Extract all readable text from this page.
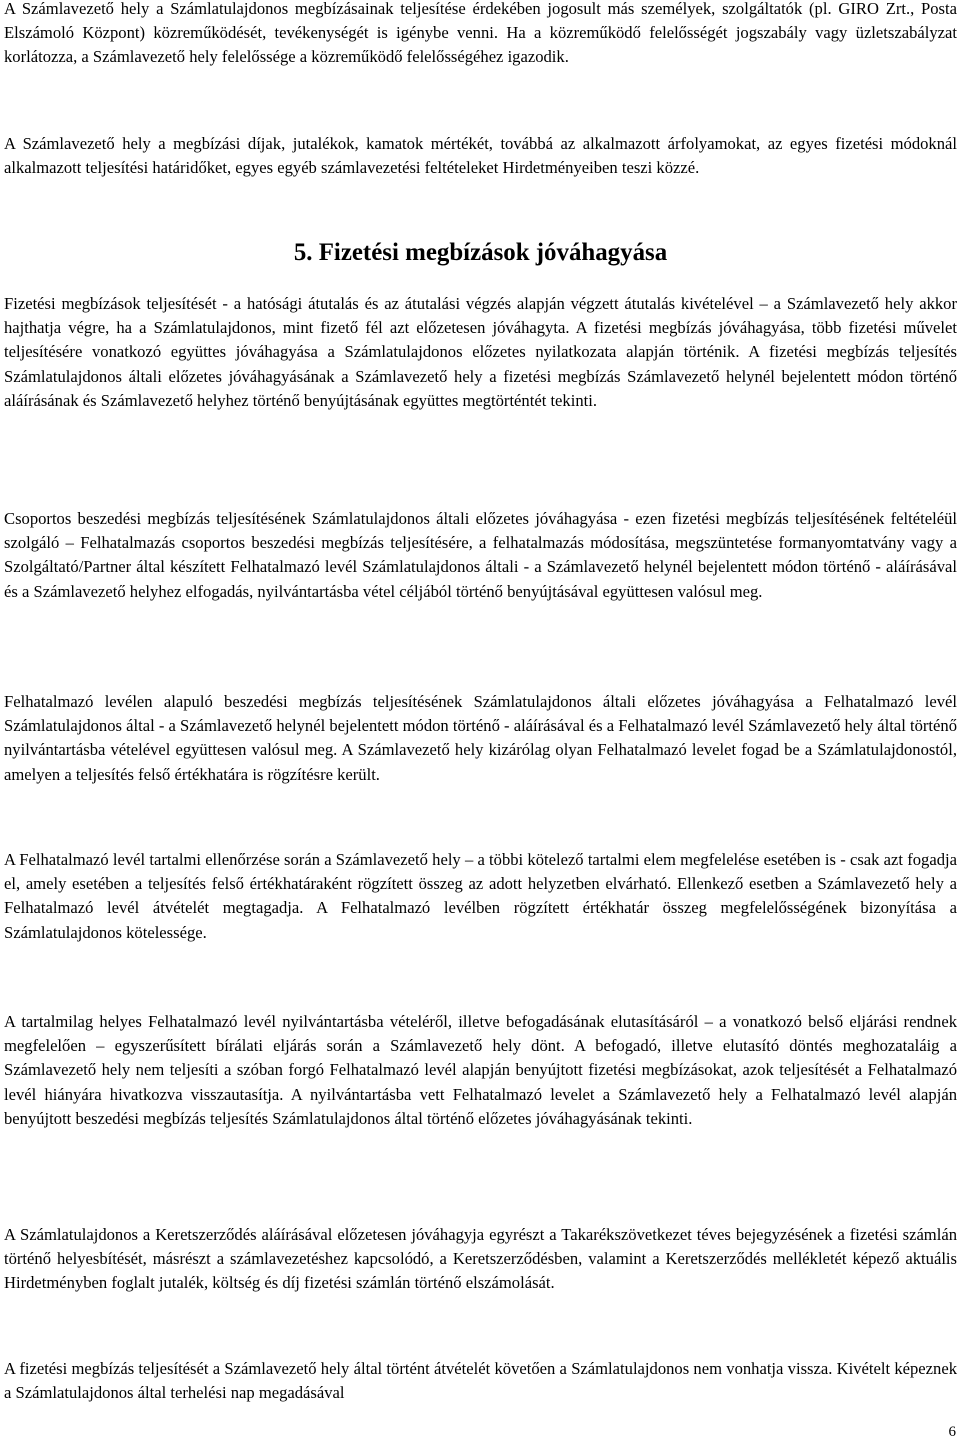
A Számlavezető hely a Számlatulajdonos megbízásainak teljesítése érdekében jogosult más személyek, szolgáltatók (pl. GIRO Zrt., Posta Elszámoló Központ) közreműködését, tevékenységét is igénybe venni. Ha a közreműködő felelősségét jogszabály vagy üzletszabályzat korlátozza, a Számlavezető hely felelőssége a közreműködő felelősségéhez igazodik.

A Számlavezető hely a megbízási díjak, jutalékok, kamatok mértékét, továbbá az alkalmazott árfolyamokat, az egyes fizetési módoknál alkalmazott teljesítési határidőket, egyes egyéb számlavezetési feltételeket Hirdetményeiben teszi közzé.

5. Fizetési megbízások jóváhagyása

Fizetési megbízások teljesítését - a hatósági átutalás és az átutalási végzés alapján végzett átutalás kivételével – a Számlavezető hely akkor hajthatja végre, ha a Számlatulajdonos, mint fizető fél azt előzetesen jóváhagyta. A fizetési megbízás jóváhagyása, több fizetési művelet teljesítésére vonatkozó együttes jóváhagyása a Számlatulajdonos előzetes nyilatkozata alapján történik. A fizetési megbízás teljesítés Számlatulajdonos általi előzetes jóváhagyásának a Számlavezető hely a fizetési megbízás Számlavezető helynél bejelentett módon történő aláírásának és Számlavezető helyhez történő benyújtásának együttes megtörténtét tekinti.

Csoportos beszedési megbízás teljesítésének Számlatulajdonos általi előzetes jóváhagyása - ezen fizetési megbízás teljesítésének feltételéül szolgáló – Felhatalmazás csoportos beszedési megbízás teljesítésére, a felhatalmazás módosítása, megszüntetése formanyomtatvány vagy a Szolgáltató/Partner által készített Felhatalmazó levél Számlatulajdonos általi - a Számlavezető helynél bejelentett módon történő - aláírásával és a Számlavezető helyhez elfogadás, nyilvántartásba vétel céljából történő benyújtásával együttesen valósul meg.

Felhatalmazó levélen alapuló beszedési megbízás teljesítésének Számlatulajdonos általi előzetes jóváhagyása a Felhatalmazó levél Számlatulajdonos által - a Számlavezető helynél bejelentett módon történő - aláírásával és a Felhatalmazó levél Számlavezető hely által történő nyilvántartásba vételével együttesen valósul meg. A Számlavezető hely kizárólag olyan Felhatalmazó levelet fogad be a Számlatulajdonostól, amelyen a teljesítés felső értékhatára is rögzítésre került.

A Felhatalmazó levél tartalmi ellenőrzése során a Számlavezető hely – a többi kötelező tartalmi elem megfelelése esetében is - csak azt fogadja el, amely esetében a teljesítés felső értékhatáraként rögzített összeg az adott helyzetben elvárható. Ellenkező esetben a Számlavezető hely a Felhatalmazó levél átvételét megtagadja. A Felhatalmazó levélben rögzített értékhatár összeg megfelelősségének bizonyítása a Számlatulajdonos kötelessége.

A tartalmilag helyes Felhatalmazó levél nyilvántartásba vételéről, illetve befogadásának elutasításáról – a vonatkozó belső eljárási rendnek megfelelően – egyszerűsített bírálati eljárás során a Számlavezető hely dönt. A befogadó, illetve elutasító döntés meghozataláig a Számlavezető hely nem teljesíti a szóban forgó Felhatalmazó levél alapján benyújtott fizetési megbízásokat, azok teljesítését a Felhatalmazó levél hiányára hivatkozva visszautasítja. A nyilvántartásba vett Felhatalmazó levelet a Számlavezető hely a Felhatalmazó levél alapján benyújtott beszedési megbízás teljesítés Számlatulajdonos által történő előzetes jóváhagyásának tekinti.

A Számlatulajdonos a Keretszerződés aláírásával előzetesen jóváhagyja egyrészt a Takarékszövetkezet téves bejegyzésének a fizetési számlán történő helyesbítését, másrészt a számlavezetéshez kapcsolódó, a Keretszerződésben, valamint a Keretszerződés mellékletét képező aktuális Hirdetményben foglalt jutalék, költség és díj fizetési számlán történő elszámolását.

A fizetési megbízás teljesítését a Számlavezető hely által történt átvételét követően a Számlatulajdonos nem vonhatja vissza. Kivételt képeznek a Számlatulajdonos által terhelési nap megadásával

6
